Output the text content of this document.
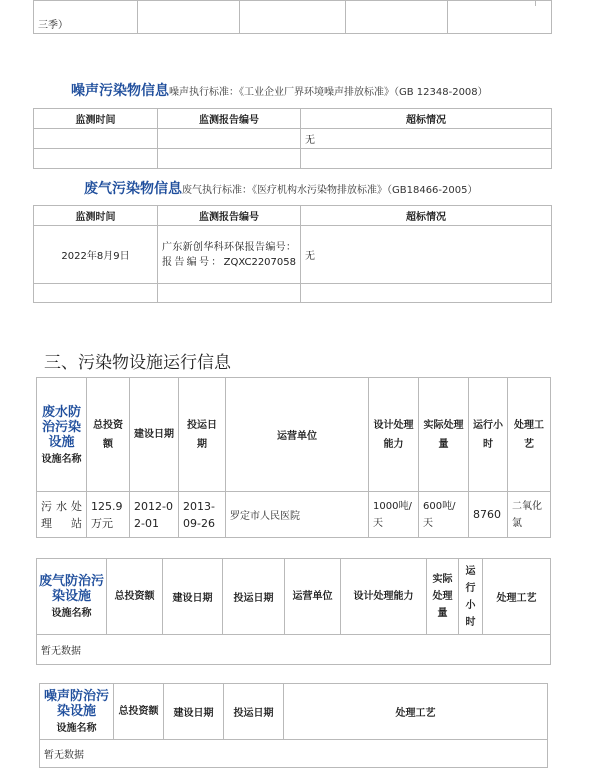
三季）				
噪声污染物信息噪声执行标准：《工业企业厂界环境噪声排放标准》（GB 12348-2008）
监测时间	监测报告编号	超标情况
		无

废气污染物信息废气执行标准：《医疗机构水污染物排放标准》（GB18466-2005）
监测时间	监测报告编号	超标情况
2022年8月9日	广东新创华科环保报告编号：报告编号：ZQXC2207058	无

三、污染物设施运行信息
废水防治污染设施
设施名称	总投资额	建设日期	投运日期	运营单位	设计处理能力	实际处理量	运行小时	处理工艺
污水处理站	125.9万元	2012-02-01	2013-09-26	罗定市人民医院	1000吨/天	600吨/天	8760	二氧化氯
废气防治污染设施
设施名称
	总投资额	建设日期	投运日期	运营单位	设计处理能力	实际处理量	运行小时	处理工艺
暂无数据
噪声防治污染设施
设施名称
	总投资额	建设日期	投运日期	处理工艺
暂无数据
